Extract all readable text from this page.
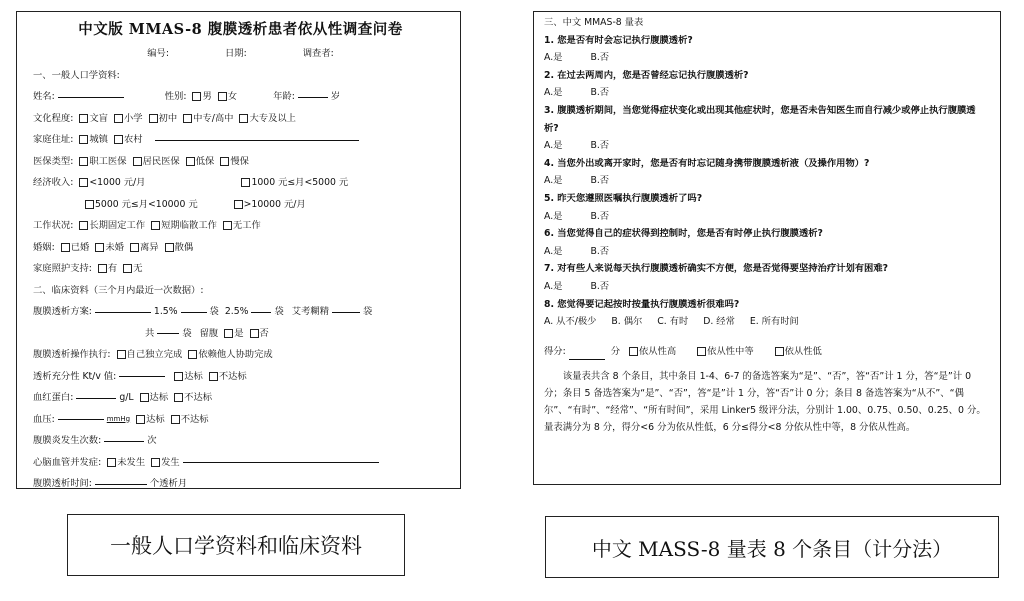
中文版 MMAS-8 腹膜透析患者依从性调查问卷
编号:	日期:	调查者:
一、一般人口学资料:
姓名:	性别: 男 女	年龄:	岁
文化程度: 文盲 小学 初中 中专/高中 大专及以上
家庭住址: 城镇 农村
医保类型: 职工医保 居民医保 低保 慢保
经济收入: <1000 元/月	1000 元≤月<5000 元
5000 元≤月<10000 元	>10000 元/月
工作状况: 长期固定工作 短期临散工作 无工作
婚姻: 已婚 未婚 离异 散偶
家庭照护支持: 有 无
二、临床资料（三个月内最近一次数据）:
腹膜透析方案:	1.5%	袋 2.5%	袋 艾考糊精	袋
共	袋 留腹 是 否
腹膜透析操作执行: 自己独立完成 依赖他人协助完成
透析充分性 Kt/v 值:	达标 不达标
血红蛋白:	g/L 达标 不达标
血压:	mmHg 达标 不达标
腹膜炎发生次数:	次
心脑血管并发症: 未发生 发生
腹膜透析时间:	个透析月
三、中文 MMAS-8 量表
1. 您是否有时会忘记执行腹膜透析?
A.是	B.否
2. 在过去两周内，您是否曾经忘记执行腹膜透析?
A.是	B.否
3. 腹膜透析期间，当您觉得症状变化或出现其他症状时，您是否未告知医生而自行减少或停止执行腹膜透析?
A.是	B.否
4. 当您外出或离开家时，您是否有时忘记随身携带腹膜透析液（及操作用物）?
A.是	B.否
5. 昨天您遵照医嘱执行腹膜透析了吗?
A.是	B.否
6. 当您觉得自己的症状得到控制时，您是否有时停止执行腹膜透析?
A.是	B.否
7. 对有些人来说每天执行腹膜透析确实不方便，您是否觉得要坚持治疗计划有困难?
A.是	B.否
8. 您觉得要记起按时按量执行腹膜透析很难吗?
A. 从不/极少 B. 偶尔 C. 有时 D. 经常 E. 所有时间
得分:	分 依从性高	依从性中等	依从性低
该量表共含 8 个条目，其中条目 1-4、6-7 的备选答案为“是”、“否”，答“否”计 1 分，答“是”计 0 分；条目 5 备选答案为“是”、“否”，答“是”计 1 分，答“否”计 0 分；条目 8 备选答案为“从不”、“偶尔”、“有时”、“经常”、“所有时间”，采用 Linker5 级评分法，分别计 1.00、0.75、0.50、0.25、0 分。量表满分为 8 分，得分<6 分为依从性低，6 分≤得分<8 分依从性中等，8 分依从性高。
一般人口学资料和临床资料	中文 MASS-8 量表 8 个条目（计分法）
